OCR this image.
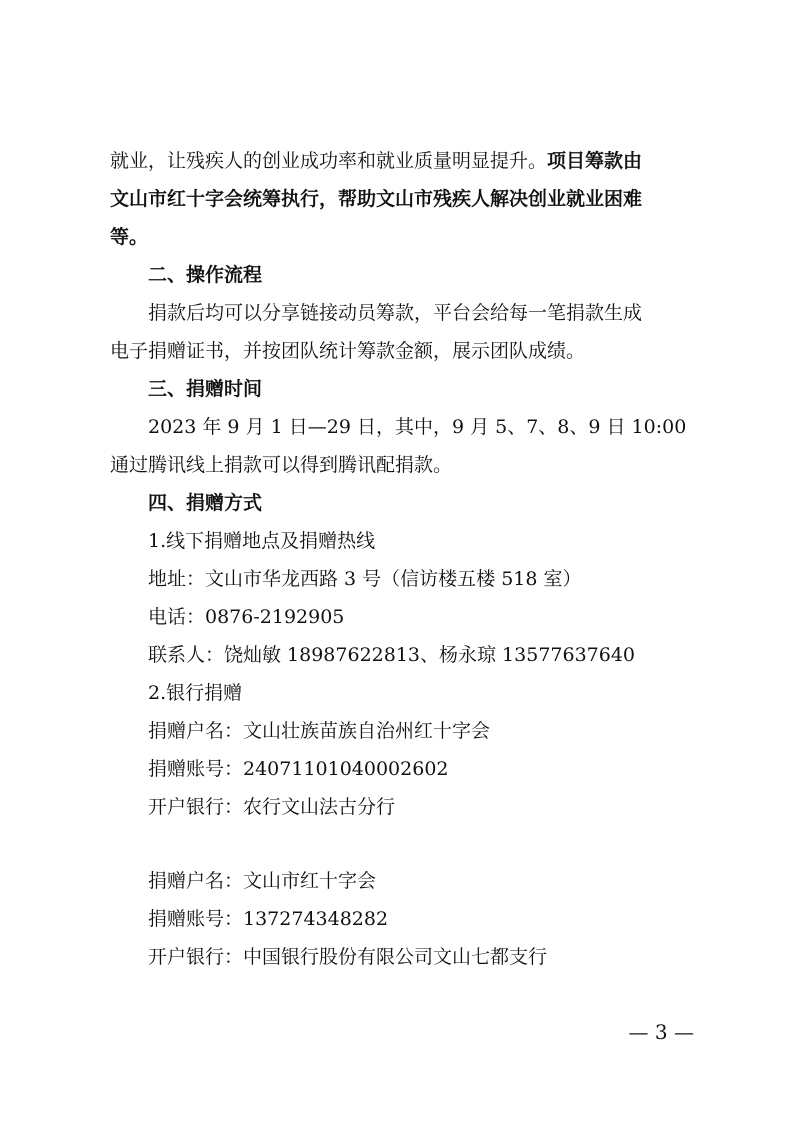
就业，让残疾人的创业成功率和就业质量明显提升。项目筹款由
文山市红十字会统筹执行，帮助文山市残疾人解决创业就业困难
等。
二、操作流程
捐款后均可以分享链接动员筹款，平台会给每一笔捐款生成
电子捐赠证书，并按团队统计筹款金额，展示团队成绩。
三、捐赠时间
2023 年 9 月 1 日—29 日，其中，9 月 5、7、8、9 日 10:00
通过腾讯线上捐款可以得到腾讯配捐款。
四、捐赠方式
1.线下捐赠地点及捐赠热线
地址：文山市华龙西路 3 号（信访楼五楼 518 室）
电话：0876-2192905
联系人：饶灿敏 18987622813、杨永琼 13577637640
2.银行捐赠
捐赠户名：文山壮族苗族自治州红十字会
捐赠账号：24071101040002602
开户银行：农行文山法古分行
捐赠户名：文山市红十字会
捐赠账号：137274348282
开户银行：中国银行股份有限公司文山七都支行
— 3 —
